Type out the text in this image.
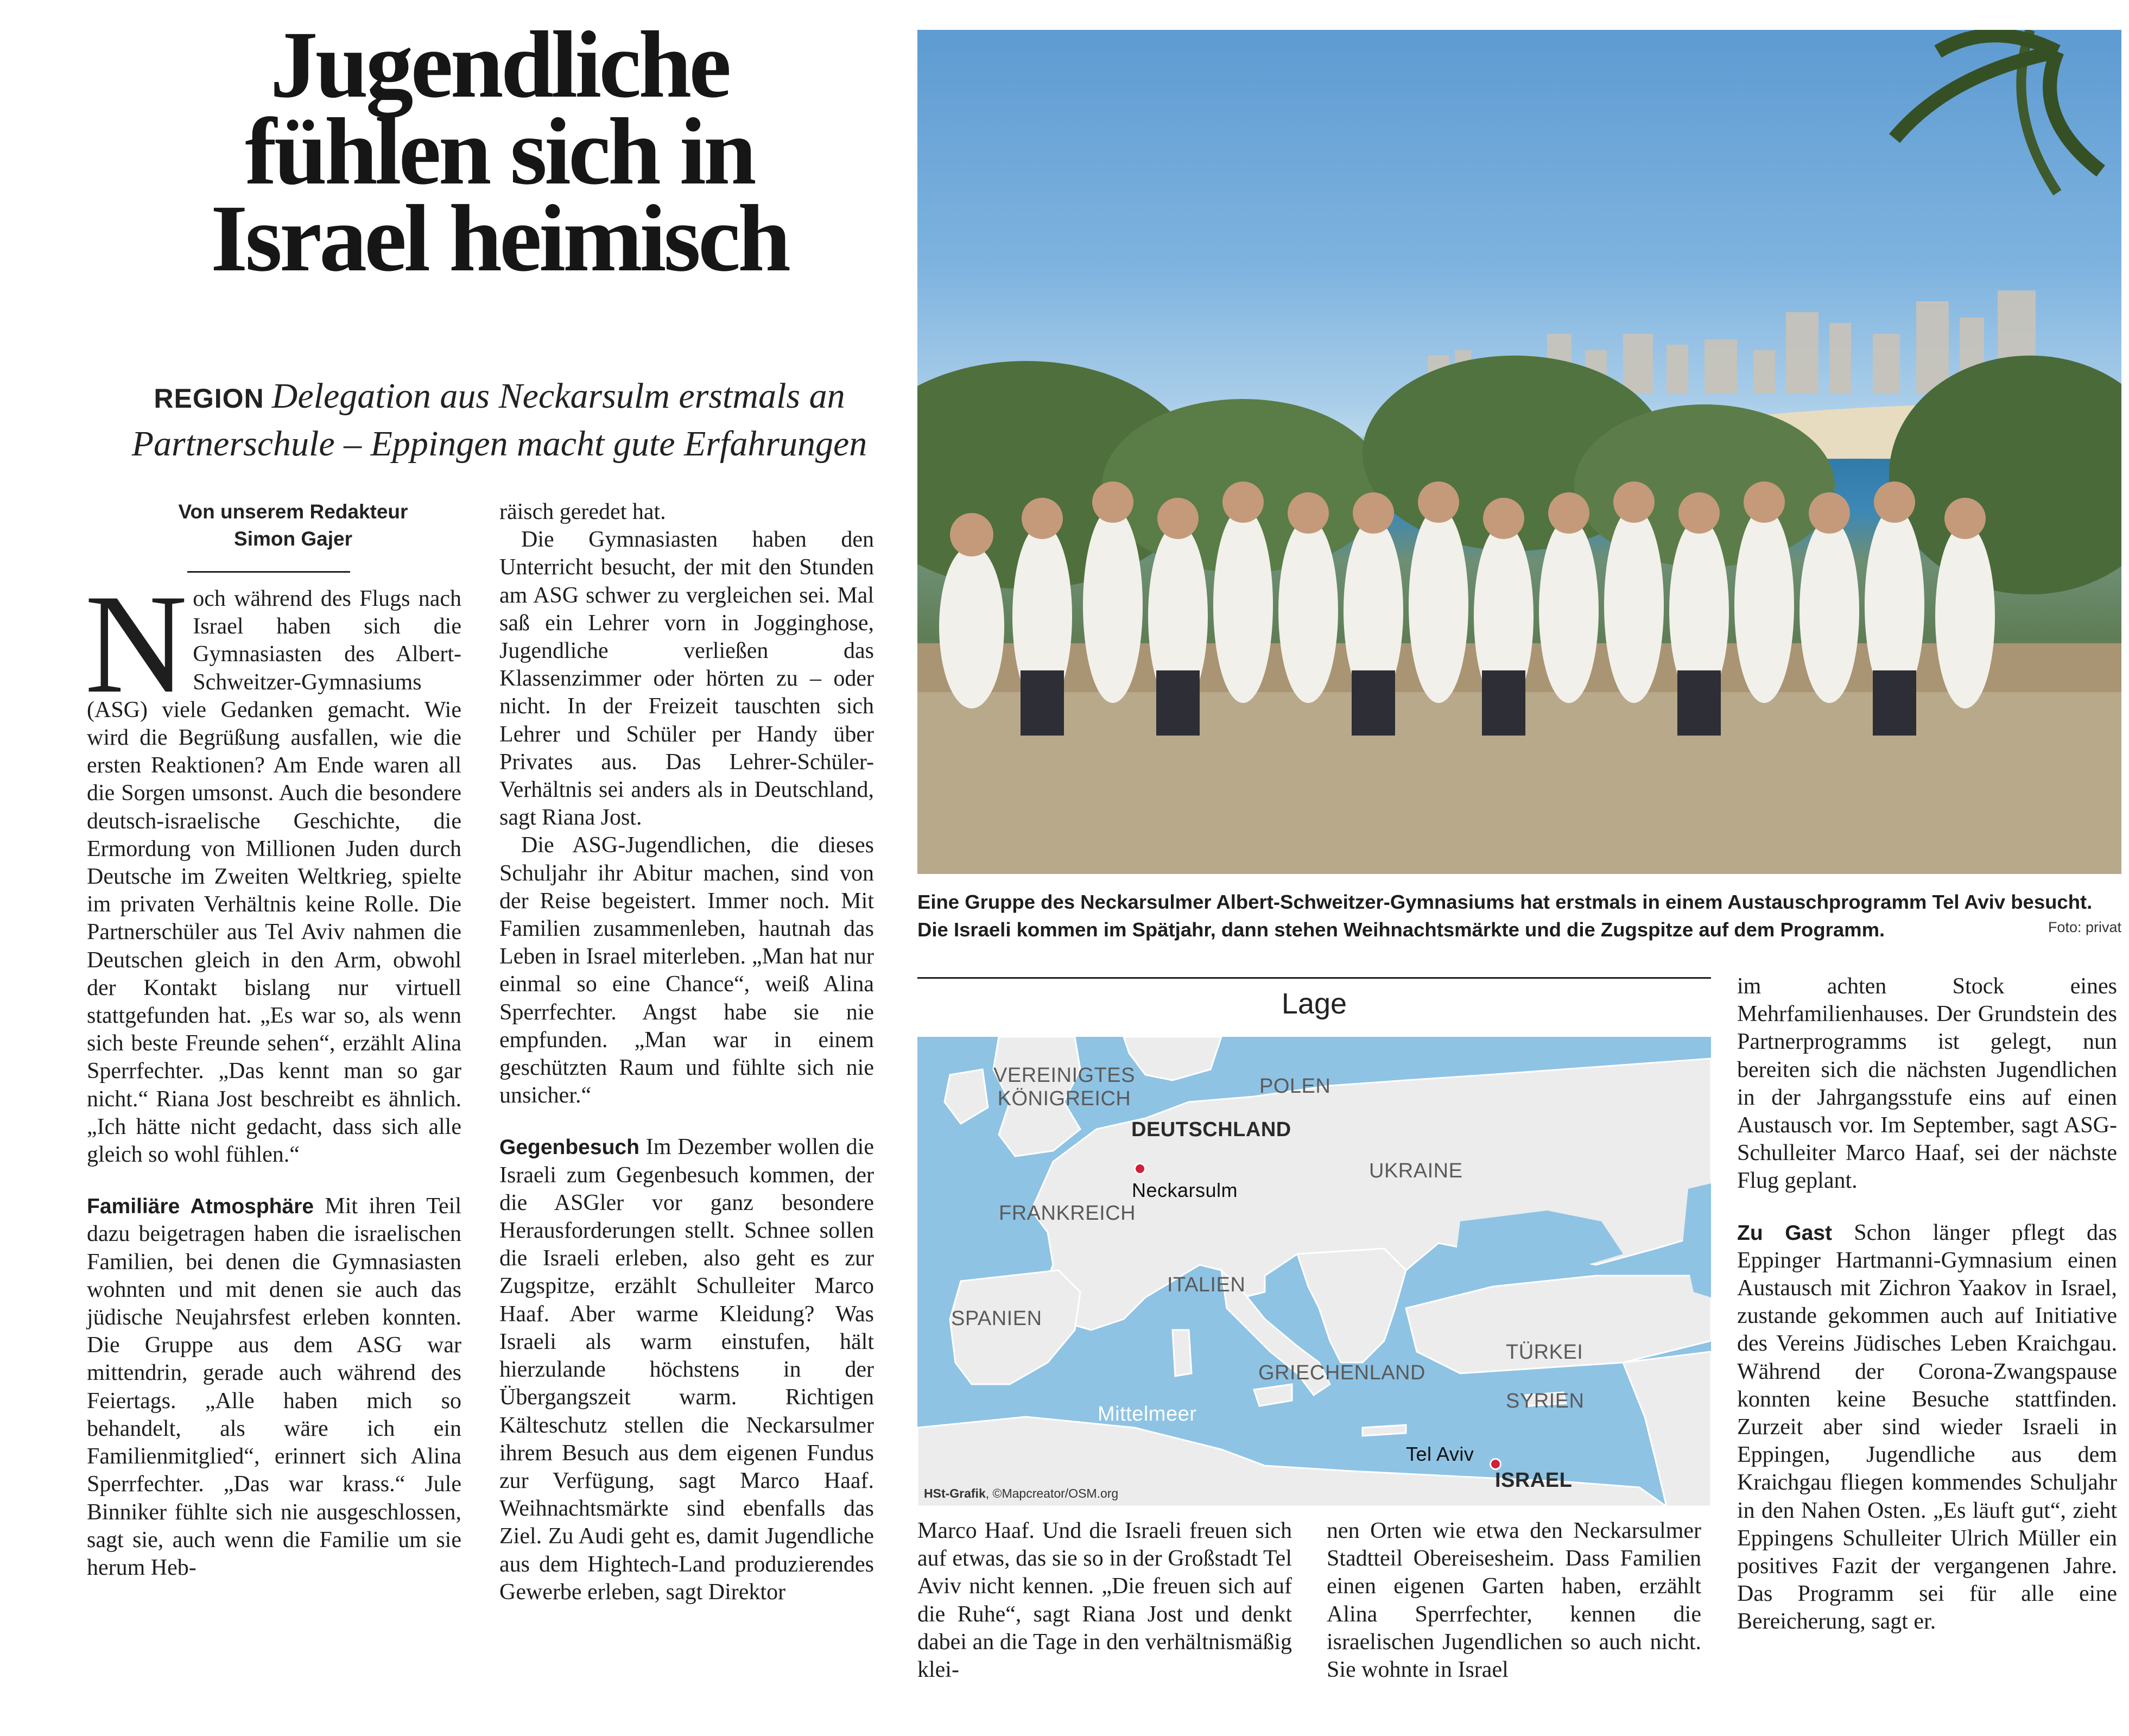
Jugendliche
fühlen sich in
Israel heimisch
REGION Delegation aus Neckarsulm erstmals an
Partnerschule – Eppingen macht gute Erfahrungen
Von unserem Redakteur
Simon Gajer

Noch während des Flugs nach Israel haben sich die Gymnasiasten des Albert-Schweitzer-Gymnasiums (ASG) viele Gedanken gemacht. Wie wird die Begrüßung ausfallen, wie die ersten Reaktionen? Am Ende waren all die Sorgen umsonst. Auch die besondere deutsch-israelische Geschichte, die Ermordung von Millionen Juden durch Deutsche im Zweiten Weltkrieg, spielte im privaten Verhältnis keine Rolle. Die Partnerschüler aus Tel Aviv nahmen die Deutschen gleich in den Arm, obwohl der Kontakt bislang nur virtuell stattgefunden hat. „Es war so, als wenn sich beste Freunde sehen“, erzählt Alina Sperrfechter. „Das kennt man so gar nicht.“ Riana Jost beschreibt es ähnlich. „Ich hätte nicht gedacht, dass sich alle gleich so wohl fühlen.“

Familiäre Atmosphäre Mit ihren Teil dazu beigetragen haben die israelischen Familien, bei denen die Gymnasiasten wohnten und mit denen sie auch das jüdische Neujahrsfest erleben konnten. Die Gruppe aus dem ASG war mittendrin, gerade auch während des Feiertags. „Alle haben mich so behandelt, als wäre ich ein Familienmitglied“, erinnert sich Alina Sperrfechter. „Das war krass.“ Jule Binniker fühlte sich nie ausgeschlossen, sagt sie, auch wenn die Familie um sie herum Heb-

räisch geredet hat.

Die Gymnasiasten haben den Unterricht besucht, der mit den Stunden am ASG schwer zu vergleichen sei. Mal saß ein Lehrer vorn in Jogginghose, Jugendliche verließen das Klassenzimmer oder hörten zu – oder nicht. In der Freizeit tauschten sich Lehrer und Schüler per Handy über Privates aus. Das Lehrer-Schüler-Verhältnis sei anders als in Deutschland, sagt Riana Jost.

Die ASG-Jugendlichen, die dieses Schuljahr ihr Abitur machen, sind von der Reise begeistert. Immer noch. Mit Familien zusammenleben, hautnah das Leben in Israel miterleben. „Man hat nur einmal so eine Chance“, weiß Alina Sperrfechter. Angst habe sie nie empfunden. „Man war in einem geschützten Raum und fühlte sich nie unsicher.“

Gegenbesuch Im Dezember wollen die Israeli zum Gegenbesuch kommen, der die ASGler vor ganz besondere Herausforderungen stellt. Schnee sollen die Israeli erleben, also geht es zur Zugspitze, erzählt Schulleiter Marco Haaf. Aber warme Kleidung? Was Israeli als warm einstufen, hält hierzulande höchstens in der Übergangszeit warm. Richtigen Kälteschutz stellen die Neckarsulmer ihrem Besuch aus dem eigenen Fundus zur Verfügung, sagt Marco Haaf. Weihnachtsmärkte sind ebenfalls das Ziel. Zu Audi geht es, damit Jugendliche aus dem Hightech-Land produzierendes Gewerbe erleben, sagt Direktor

Eine Gruppe des Neckarsulmer Albert-Schweitzer-Gymnasiums hat erstmals in einem Austauschprogramm Tel Aviv besucht.
Die Israeli kommen im Spätjahr, dann stehen Weihnachtsmärkte und die Zugspitze auf dem Programm.	Foto: privat
Lage
VEREINIGTES
KÖNIGREICH
POLEN
DEUTSCHLAND
Neckarsulm
UKRAINE
FRANKREICH
ITALIEN
SPANIEN
TÜRKEI
GRIECHENLAND
Mittelmeer
SYRIEN
Tel Aviv
ISRAEL
HSt-Grafik, ©Mapcreator/OSM.org

Marco Haaf. Und die Israeli freuen sich auf etwas, das sie so in der Großstadt Tel Aviv nicht kennen. „Die freuen sich auf die Ruhe“, sagt Riana Jost und denkt dabei an die Tage in den verhältnismäßig klei-

nen Orten wie etwa den Neckarsulmer Stadtteil Obereisesheim. Dass Familien einen eigenen Garten haben, erzählt Alina Sperrfechter, kennen die israelischen Jugendlichen so auch nicht. Sie wohnte in Israel

im achten Stock eines Mehrfamilienhauses. Der Grundstein des Partnerprogramms ist gelegt, nun bereiten sich die nächsten Jugendlichen in der Jahrgangsstufe eins auf einen Austausch vor. Im September, sagt ASG-Schulleiter Marco Haaf, sei der nächste Flug geplant.

Zu Gast Schon länger pflegt das Eppinger Hartmanni-Gymnasium einen Austausch mit Zichron Yaakov in Israel, zustande gekommen auch auf Initiative des Vereins Jüdisches Leben Kraichgau. Während der Corona-Zwangspause konnten keine Besuche stattfinden. Zurzeit aber sind wieder Israeli in Eppingen, Jugendliche aus dem Kraichgau fliegen kommendes Schuljahr in den Nahen Osten. „Es läuft gut“, zieht Eppingens Schulleiter Ulrich Müller ein positives Fazit der vergangenen Jahre. Das Programm sei für alle eine Bereicherung, sagt er.
